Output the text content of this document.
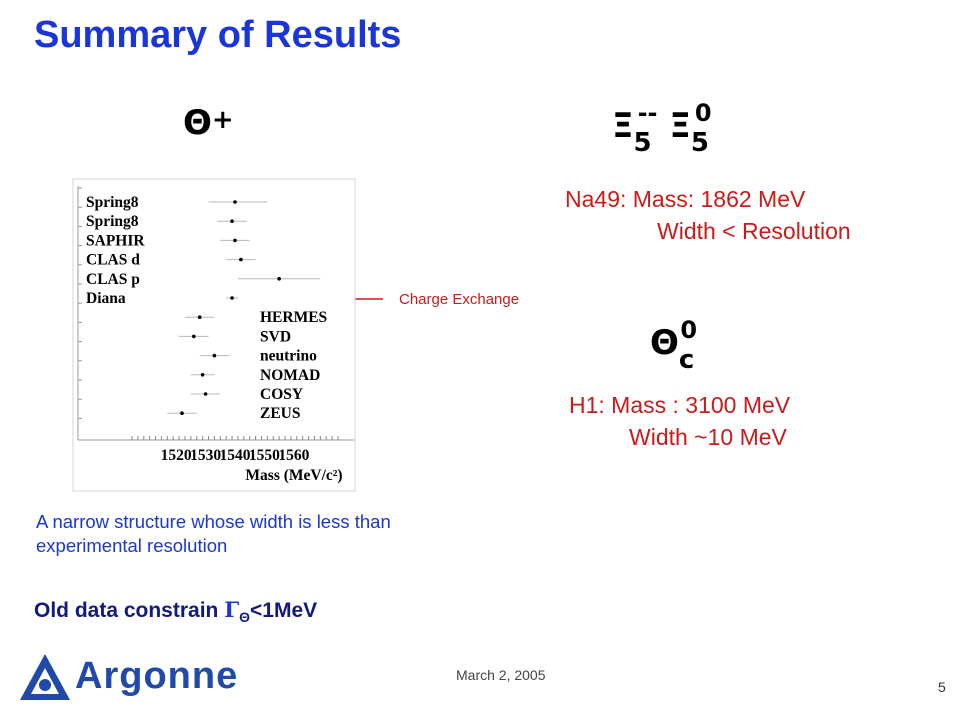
Summary of Results
Θ+	$\Xi_5^{--}$ $\Xi_5^0$
Na49: Mass: 1862 MeV
Width < Resolution
$\Theta_c^0$
H1: Mass : 3100 MeV
Width ~10 MeV
Charge Exchange
Spring8
Spring8
SAPHIR
CLAS d
CLAS p
Diana
HERMES
SVD
neutrino
NOMAD
COSY
ZEUS
1520
1530
1540
1550
1560
Mass (MeV/c²)
A narrow structure whose width is less than experimental resolution
Old data constrain $\Gamma_\Theta<1MeV$
Argonne	March 2, 2005
5
